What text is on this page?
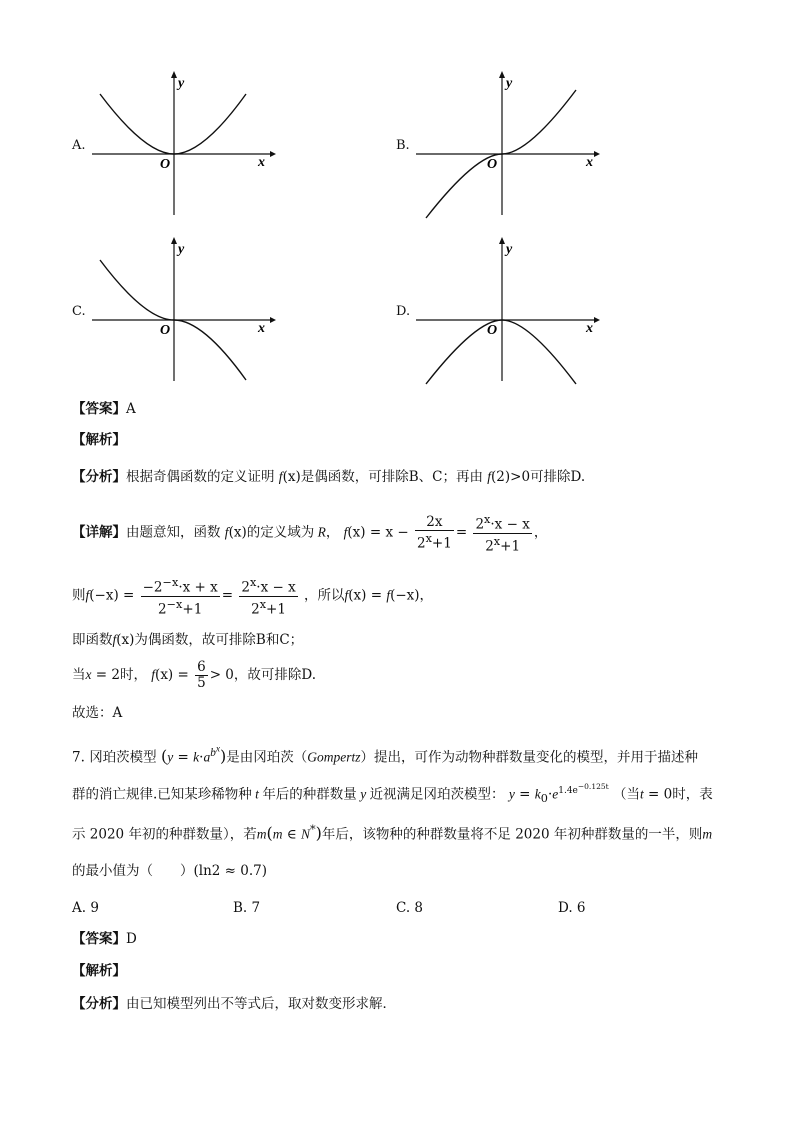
A.
x
y
O
B.
x
y
O
C.
x
y
O
D.
x
y
O
【答案】A
【解析】
【分析】根据奇偶函数的定义证明 f(x)是偶函数，可排除B、C；再由 f(2)>0可排除D.
【详解】由题意知，函数 f(x)的定义域为 R， $f(x) = x - \frac{2x}{2^x+1} = \frac{2^x\cdot x - x}{2^x+1}$ ，
则$f(-x) = \frac{-2^{-x}\cdot x + x}{2^{-x}+1} = \frac{2^x\cdot x - x}{2^x+1}$ ，所以f(x) = f(−x)，
即函数f(x)为偶函数，故可排除B和C；
当x = 2时， $f(x) = \frac{6}{5} > 0$，故可排除D.
故选：A
7. 冈珀茨模型 $(y = k\cdot a^{b^x})$是由冈珀茨（Gompertz）提出，可作为动物种群数量变化的模型，并用于描述种
群的消亡规律.已知某珍稀物种 t 年后的种群数量 y 近视满足冈珀茨模型： $y = k_0\cdot e^{1.4e^{-0.125t}}$ （当t = 0时，表
示 2020 年初的种群数量），若m(m ∈ N*)年后，该物种的种群数量将不足 2020 年初种群数量的一半，则m
的最小值为（　　）(ln2 ≈ 0.7)
A. 9	B. 7	C. 8	D. 6
【答案】D
【解析】
【分析】由已知模型列出不等式后，取对数变形求解．
